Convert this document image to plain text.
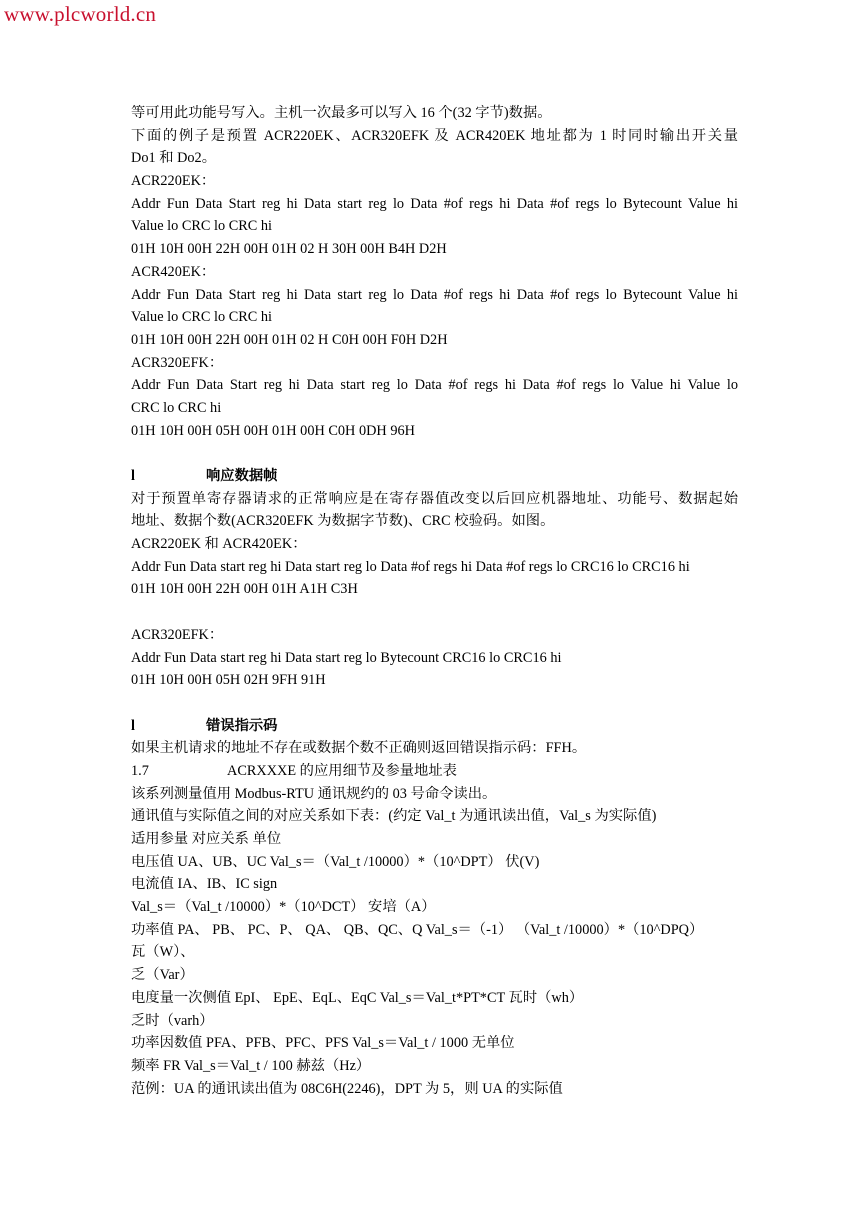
www.plcworld.cn
等可用此功能号写入。主机一次最多可以写入 16 个(32 字节)数据。
下面的例子是预置 ACR220EK、ACR320EFK 及 ACR420EK 地址都为 1 时同时输出开关量
Do1 和 Do2。
ACR220EK：
Addr Fun Data Start reg hi Data start reg lo Data #of regs hi Data #of regs lo Bytecount Value hi
Value lo CRC lo CRC hi
01H 10H 00H 22H 00H 01H 02 H 30H 00H B4H D2H
ACR420EK：
Addr Fun Data Start reg hi Data start reg lo Data #of regs hi Data #of regs lo Bytecount Value hi
Value lo CRC lo CRC hi
01H 10H 00H 22H 00H 01H 02 H C0H 00H F0H D2H
ACR320EFK：
Addr Fun Data Start reg hi Data start reg lo Data #of regs hi Data #of regs lo Value hi Value lo
CRC lo CRC hi
01H 10H 00H 05H 00H 01H 00H C0H 0DH 96H
l	响应数据帧
对于预置单寄存器请求的正常响应是在寄存器值改变以后回应机器地址、功能号、数据起始
地址、数据个数(ACR320EFK 为数据字节数)、CRC 校验码。如图。
ACR220EK 和 ACR420EK：
Addr Fun Data start reg hi Data start reg lo Data #of regs hi Data #of regs lo CRC16 lo CRC16 hi
01H 10H 00H 22H 00H 01H A1H C3H
ACR320EFK：
Addr Fun Data start reg hi Data start reg lo Bytecount CRC16 lo CRC16 hi
01H 10H 00H 05H 02H 9FH 91H
l	错误指示码
如果主机请求的地址不存在或数据个数不正确则返回错误指示码：FFH。
1.7	ACRXXXE 的应用细节及参量地址表
该系列测量值用 Modbus-RTU 通讯规约的 03 号命令读出。
通讯值与实际值之间的对应关系如下表：(约定 Val_t 为通讯读出值，Val_s 为实际值)
适用参量 对应关系 单位
电压值 UA、UB、UC Val_s＝（Val_t /10000）*（10^DPT） 伏(V)
电流值 IA、IB、IC sign
Val_s＝（Val_t /10000）*（10^DCT） 安培（A）
功率值 PA、 PB、 PC、P、 QA、 QB、QC、Q Val_s＝（-1） （Val_t /10000）*（10^DPQ）
瓦（W）、
乏（Var）
电度量一次侧值 EpI、 EpE、EqL、EqC Val_s＝Val_t*PT*CT 瓦时（wh）
乏时（varh）
功率因数值 PFA、PFB、PFC、PFS Val_s＝Val_t / 1000 无单位
频率 FR Val_s＝Val_t / 100 赫兹（Hz）
范例：UA 的通讯读出值为 08C6H(2246)，DPT 为 5，则 UA 的实际值
